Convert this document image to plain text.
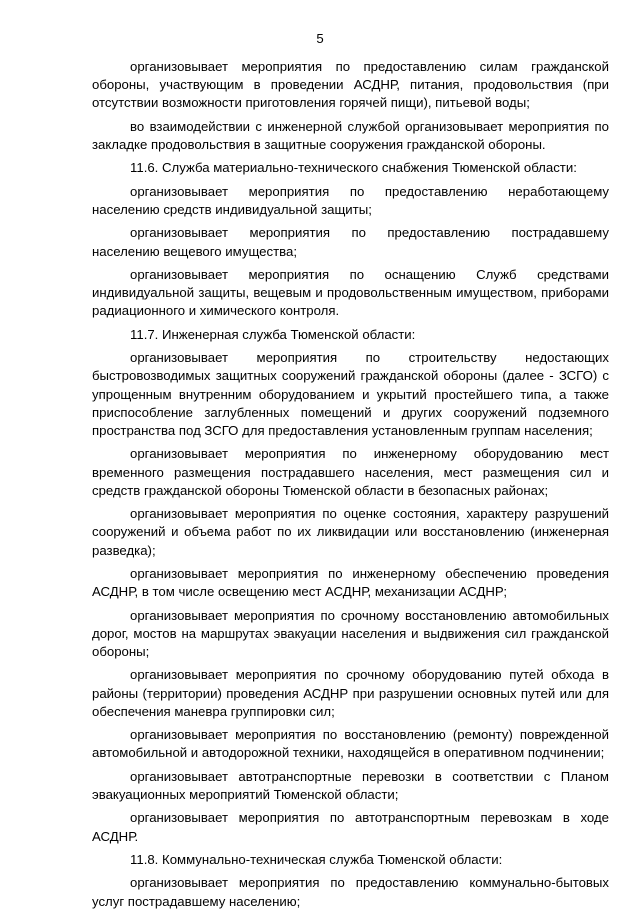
5

организовывает мероприятия по предоставлению силам гражданской обороны, участвующим в проведении АСДНР, питания, продовольствия (при отсутствии возможности приготовления горячей пищи), питьевой воды;

во взаимодействии с инженерной службой организовывает мероприятия по закладке продовольствия в защитные сооружения гражданской обороны.

11.6. Служба материально-технического снабжения Тюменской области:

организовывает мероприятия по предоставлению неработающему населению средств индивидуальной защиты;

организовывает мероприятия по предоставлению пострадавшему населению вещевого имущества;

организовывает мероприятия по оснащению Служб средствами индивидуальной защиты, вещевым и продовольственным имуществом, приборами радиационного и химического контроля.

11.7. Инженерная служба Тюменской области:

организовывает мероприятия по строительству недостающих быстровозводимых защитных сооружений гражданской обороны (далее - ЗСГО) с упрощенным внутренним оборудованием и укрытий простейшего типа, а также приспособление заглубленных помещений и других сооружений подземного пространства под ЗСГО для предоставления установленным группам населения;

организовывает мероприятия по инженерному оборудованию мест временного размещения пострадавшего населения, мест размещения сил и средств гражданской обороны Тюменской области в безопасных районах;

организовывает мероприятия по оценке состояния, характеру разрушений сооружений и объема работ по их ликвидации или восстановлению (инженерная разведка);

организовывает мероприятия по инженерному обеспечению проведения АСДНР, в том числе освещению мест АСДНР, механизации АСДНР;

организовывает мероприятия по срочному восстановлению автомобильных дорог, мостов на маршрутах эвакуации населения и выдвижения сил гражданской обороны;

организовывает мероприятия по срочному оборудованию путей обхода в районы (территории) проведения АСДНР при разрушении основных путей или для обеспечения маневра группировки сил;

организовывает мероприятия по восстановлению (ремонту) поврежденной автомобильной и автодорожной техники, находящейся в оперативном подчинении;

организовывает автотранспортные перевозки в соответствии с Планом эвакуационных мероприятий Тюменской области;

организовывает мероприятия по автотранспортным перевозкам в ходе АСДНР.

11.8. Коммунально-техническая служба Тюменской области:

организовывает мероприятия по предоставлению коммунально-бытовых услуг пострадавшему населению;
